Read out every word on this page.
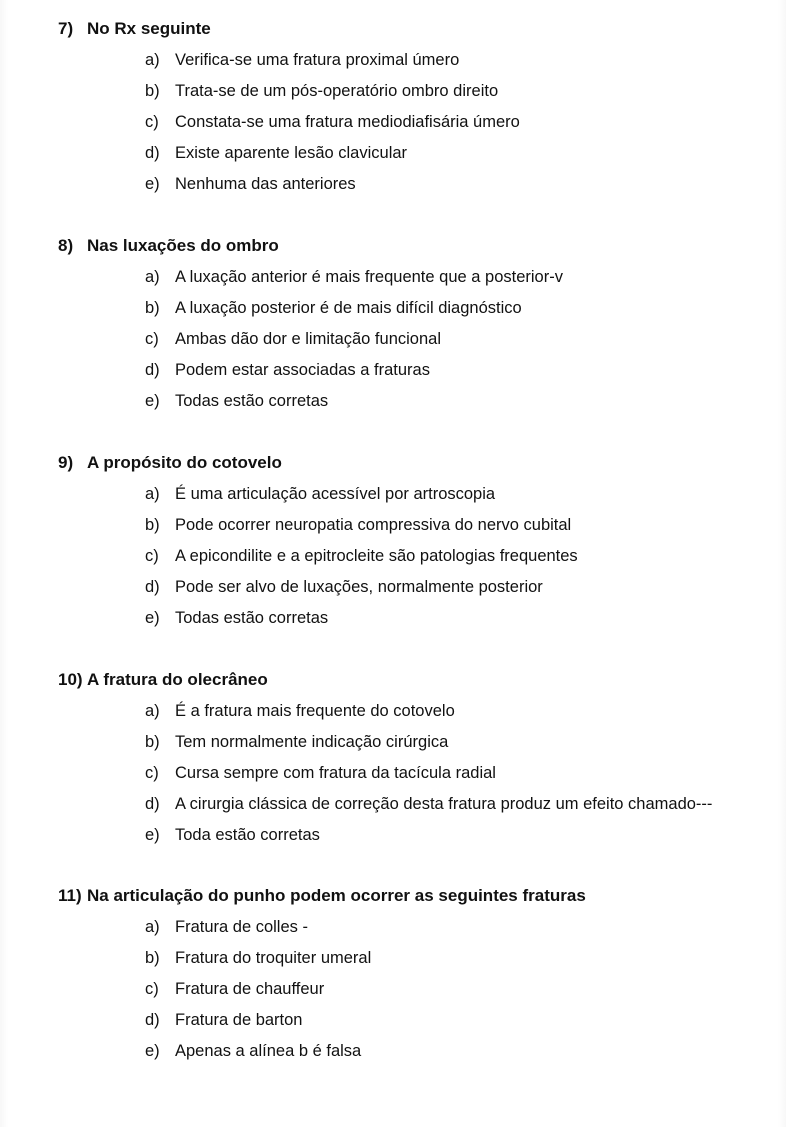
7) No Rx seguinte
a) Verifica-se uma fratura proximal úmero
b) Trata-se de um pós-operatório ombro direito
c) Constata-se uma fratura mediodiafisária úmero
d) Existe aparente lesão clavicular
e) Nenhuma das anteriores
8) Nas luxações do ombro
a) A luxação anterior é mais frequente que a posterior-v
b) A luxação posterior é de mais difícil diagnóstico
c) Ambas dão dor e limitação funcional
d) Podem estar associadas a fraturas
e) Todas estão corretas
9) A propósito do cotovelo
a) É uma articulação acessível por artroscopia
b) Pode ocorrer neuropatia compressiva do nervo cubital
c) A epicondilite e a epitrocleite são patologias frequentes
d) Pode ser alvo de luxações, normalmente posterior
e) Todas estão corretas
10) A fratura do olecrâneo
a) É a fratura mais frequente do cotovelo
b) Tem normalmente indicação cirúrgica
c) Cursa sempre com fratura da tacícula radial
d) A cirurgia clássica de correção desta fratura produz um efeito chamado---
e) Toda estão corretas
11) Na articulação do punho podem ocorrer as seguintes fraturas
a) Fratura de colles -
b) Fratura do troquiter umeral
c) Fratura de chauffeur
d) Fratura de barton
e) Apenas a alínea b é falsa
